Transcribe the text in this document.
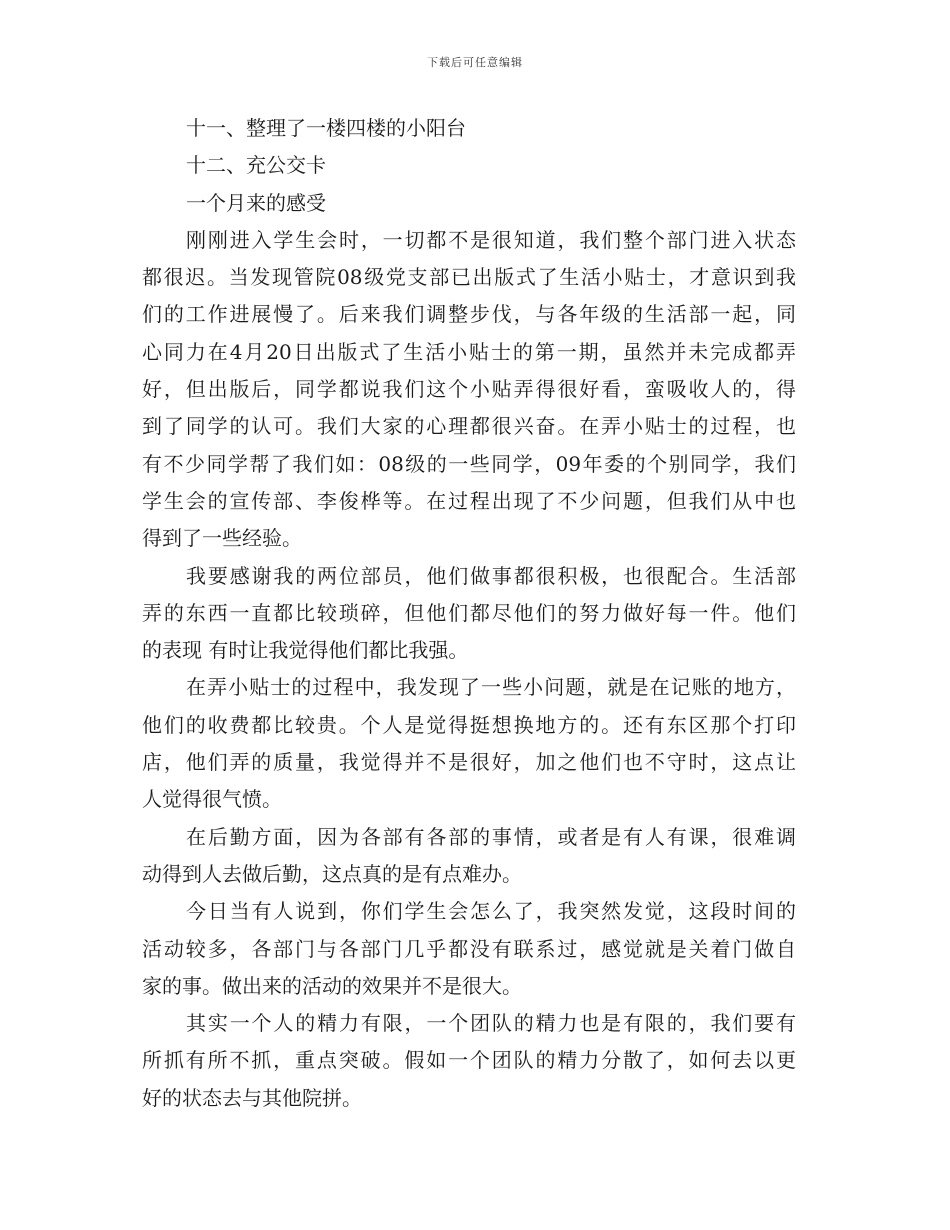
下载后可任意编辑
十一、整理了一楼四楼的小阳台
十二、充公交卡
一个月来的感受
刚刚进入学生会时，一切都不是很知道，我们整个部门进入状态
都很迟。当发现管院08级党支部已出版式了生活小贴士，才意识到我
们的工作进展慢了。后来我们调整步伐，与各年级的生活部一起，同
心同力在4月20日出版式了生活小贴士的第一期，虽然并未完成都弄
好，但出版后，同学都说我们这个小贴弄得很好看，蛮吸收人的，得
到了同学的认可。我们大家的心理都很兴奋。在弄小贴士的过程，也
有不少同学帮了我们如：08级的一些同学，09年委的个别同学，我们
学生会的宣传部、李俊桦等。在过程出现了不少问题，但我们从中也
得到了一些经验。
我要感谢我的两位部员，他们做事都很积极，也很配合。生活部
弄的东西一直都比较琐碎，但他们都尽他们的努力做好每一件。他们
的表现 有时让我觉得他们都比我强。
在弄小贴士的过程中，我发现了一些小问题，就是在记账的地方，
他们的收费都比较贵。个人是觉得挺想换地方的。还有东区那个打印
店，他们弄的质量，我觉得并不是很好，加之他们也不守时，这点让
人觉得很气愤。
在后勤方面，因为各部有各部的事情，或者是有人有课，很难调
动得到人去做后勤，这点真的是有点难办。
今日当有人说到，你们学生会怎么了，我突然发觉，这段时间的
活动较多，各部门与各部门几乎都没有联系过，感觉就是关着门做自
家的事。做出来的活动的效果并不是很大。
其实一个人的精力有限，一个团队的精力也是有限的，我们要有
所抓有所不抓，重点突破。假如一个团队的精力分散了，如何去以更
好的状态去与其他院拼。
